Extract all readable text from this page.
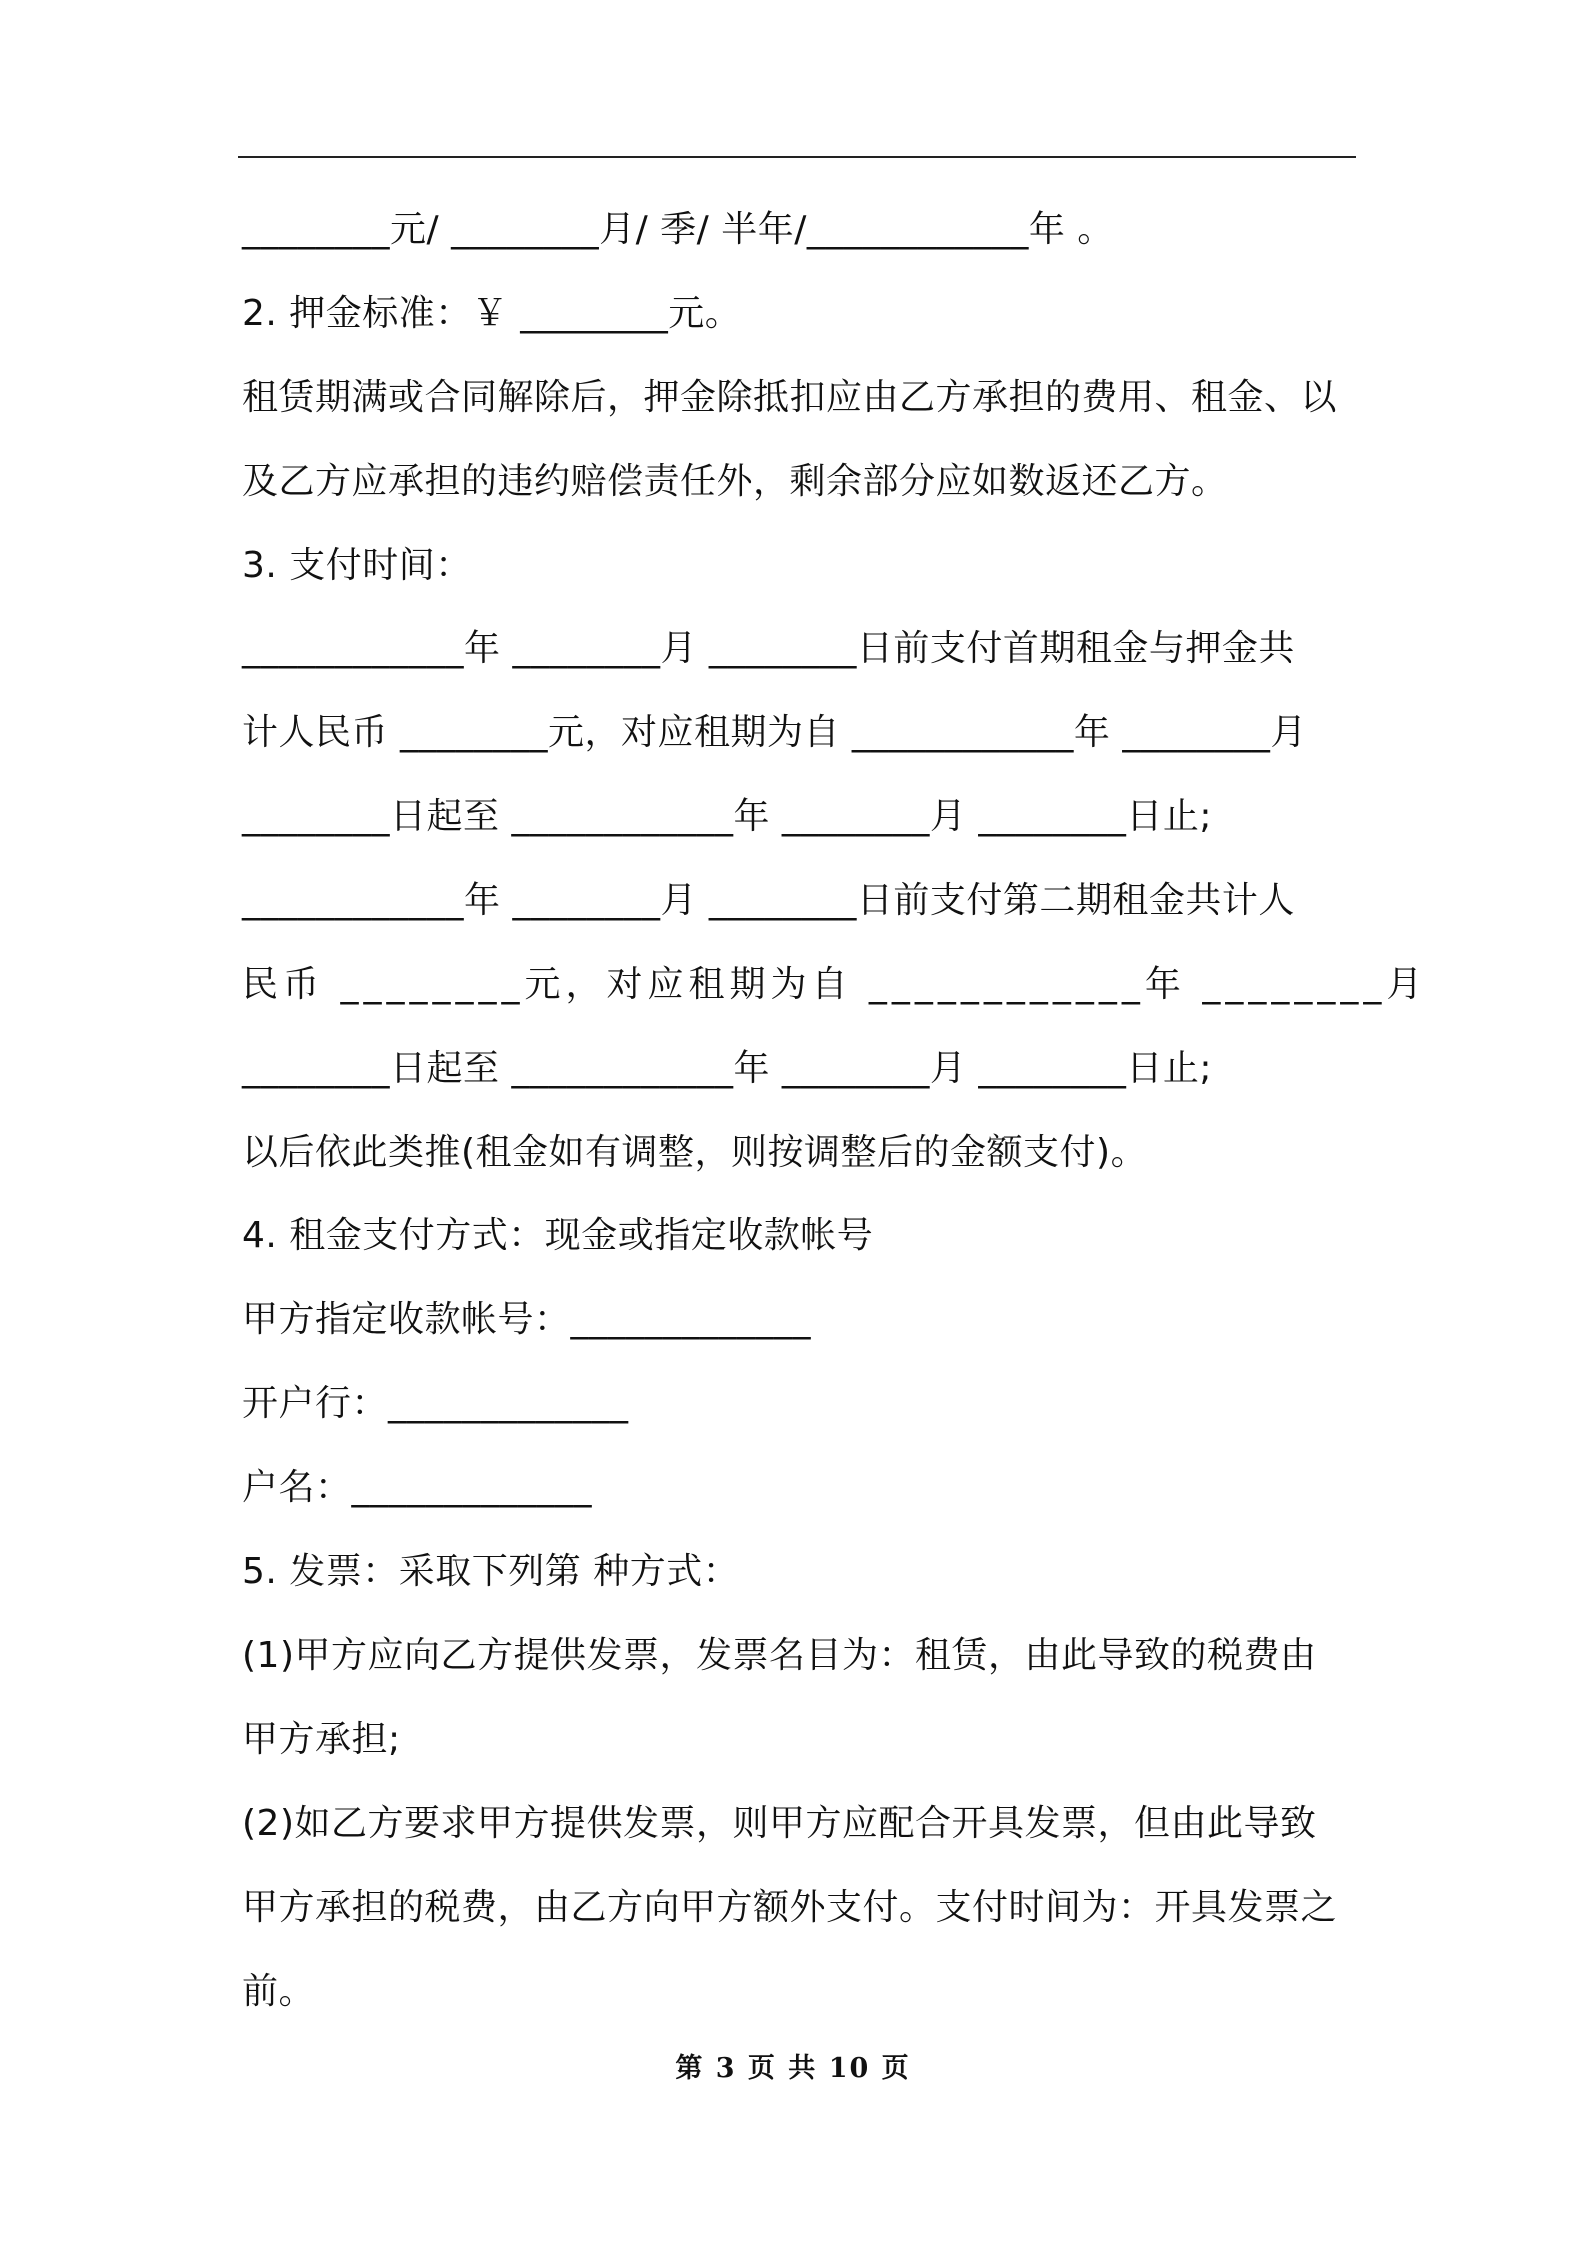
________元/ ________月/ 季/ 半年/____________年 。
2. 押金标准：￥ ________元。
租赁期满或合同解除后，押金除抵扣应由乙方承担的费用、租金、以
及乙方应承担的违约赔偿责任外，剩余部分应如数返还乙方。
3. 支付时间：
____________年 ________月 ________日前支付首期租金与押金共
计人民币 ________元，对应租期为自 ____________年 ________月
________日起至 ____________年 ________月 ________日止;
____________年 ________月 ________日前支付第二期租金共计人
民币 ________元，对应租期为自 ____________年 ________月
________日起至 ____________年 ________月 ________日止;
以后依此类推(租金如有调整，则按调整后的金额支付)。
4. 租金支付方式：现金或指定收款帐号
甲方指定收款帐号：_____________
开户行：_____________
户名：_____________
5. 发票：采取下列第 种方式：
(1)甲方应向乙方提供发票，发票名目为：租赁，由此导致的税费由
甲方承担;
(2)如乙方要求甲方提供发票，则甲方应配合开具发票，但由此导致
甲方承担的税费，由乙方向甲方额外支付。支付时间为：开具发票之
前。
第 3 页 共 10 页
